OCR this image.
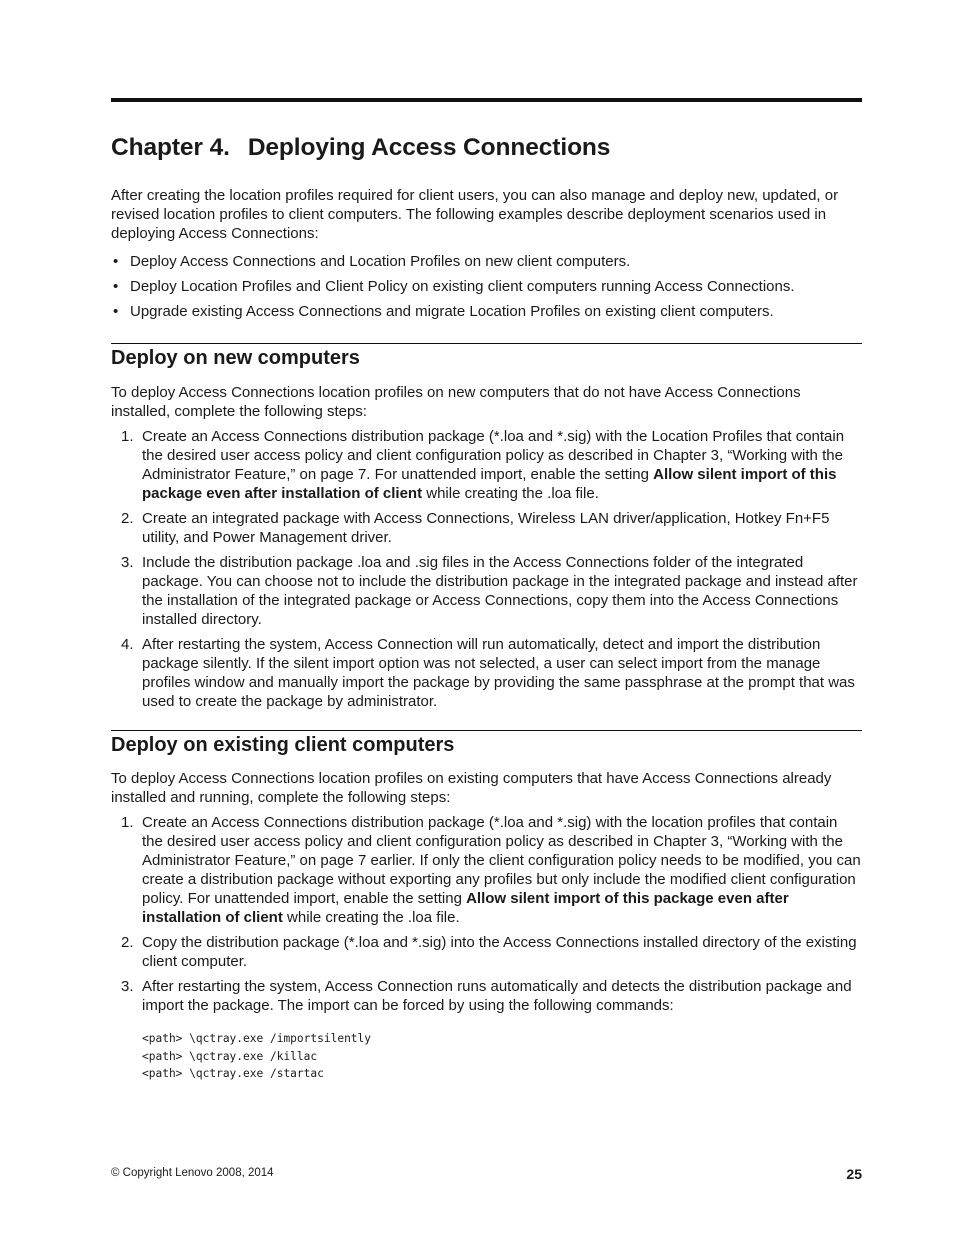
Chapter 4. Deploying Access Connections

After creating the location profiles required for client users, you can also manage and deploy new, updated, or revised location profiles to client computers. The following examples describe deployment scenarios used in deploying Access Connections:

• Deploy Access Connections and Location Profiles on new client computers.
• Deploy Location Profiles and Client Policy on existing client computers running Access Connections.
• Upgrade existing Access Connections and migrate Location Profiles on existing client computers.
Deploy on new computers

To deploy Access Connections location profiles on new computers that do not have Access Connections installed, complete the following steps:

1. Create an Access Connections distribution package (*.loa and *.sig) with the Location Profiles that contain the desired user access policy and client configuration policy as described in Chapter 3, “Working with the Administrator Feature,” on page 7. For unattended import, enable the setting Allow silent import of this package even after installation of client while creating the .loa file.
2. Create an integrated package with Access Connections, Wireless LAN driver/application, Hotkey Fn+F5 utility, and Power Management driver.
3. Include the distribution package .loa and .sig files in the Access Connections folder of the integrated package. You can choose not to include the distribution package in the integrated package and instead after the installation of the integrated package or Access Connections, copy them into the Access Connections installed directory.
4. After restarting the system, Access Connection will run automatically, detect and import the distribution package silently. If the silent import option was not selected, a user can select import from the manage profiles window and manually import the package by providing the same passphrase at the prompt that was used to create the package by administrator.
Deploy on existing client computers

To deploy Access Connections location profiles on existing computers that have Access Connections already installed and running, complete the following steps:

1. Create an Access Connections distribution package (*.loa and *.sig) with the location profiles that contain the desired user access policy and client configuration policy as described in Chapter 3, “Working with the Administrator Feature,” on page 7 earlier. If only the client configuration policy needs to be modified, you can create a distribution package without exporting any profiles but only include the modified client configuration policy. For unattended import, enable the setting Allow silent import of this package even after installation of client while creating the .loa file.
2. Copy the distribution package (*.loa and *.sig) into the Access Connections installed directory of the existing client computer.
3. After restarting the system, Access Connection runs automatically and detects the distribution package and import the package. The import can be forced by using the following commands:
<path> \qctray.exe /importsilently
<path> \qctray.exe /killac
<path> \qctray.exe /startac
© Copyright Lenovo 2008, 2014	25
